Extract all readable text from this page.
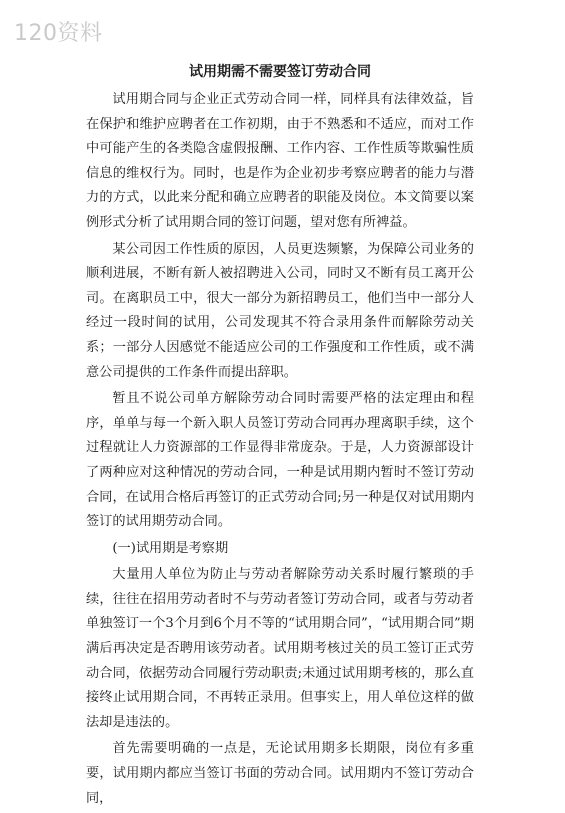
120资料
试用期需不需要签订劳动合同

试用期合同与企业正式劳动合同一样，同样具有法律效益，旨在保护和维护应聘者在工作初期，由于不熟悉和不适应，而对工作中可能产生的各类隐含虚假报酬、工作内容、工作性质等欺骗性质信息的维权行为。同时，也是作为企业初步考察应聘者的能力与潜力的方式，以此来分配和确立应聘者的职能及岗位。本文简要以案例形式分析了试用期合同的签订问题，望对您有所裨益。

某公司因工作性质的原因，人员更迭频繁，为保障公司业务的顺利进展，不断有新人被招聘进入公司，同时又不断有员工离开公司。在离职员工中，很大一部分为新招聘员工，他们当中一部分人经过一段时间的试用，公司发现其不符合录用条件而解除劳动关系；一部分人因感觉不能适应公司的工作强度和工作性质，或不满意公司提供的工作条件而提出辞职。

暂且不说公司单方解除劳动合同时需要严格的法定理由和程序，单单与每一个新入职人员签订劳动合同再办理离职手续，这个过程就让人力资源部的工作显得非常庞杂。于是，人力资源部设计了两种应对这种情况的劳动合同，一种是试用期内暂时不签订劳动合同，在试用合格后再签订的正式劳动合同;另一种是仅对试用期内签订的试用期劳动合同。

(一)试用期是考察期

大量用人单位为防止与劳动者解除劳动关系时履行繁琐的手续，往往在招用劳动者时不与劳动者签订劳动合同，或者与劳动者单独签订一个3个月到6个月不等的“试用期合同”，“试用期合同”期满后再决定是否聘用该劳动者。试用期考核过关的员工签订正式劳动合同，依据劳动合同履行劳动职责;未通过试用期考核的，那么直接终止试用期合同，不再转正录用。但事实上，用人单位这样的做法却是违法的。

首先需要明确的一点是，无论试用期多长期限，岗位有多重要，试用期内都应当签订书面的劳动合同。试用期内不签订劳动合同，
